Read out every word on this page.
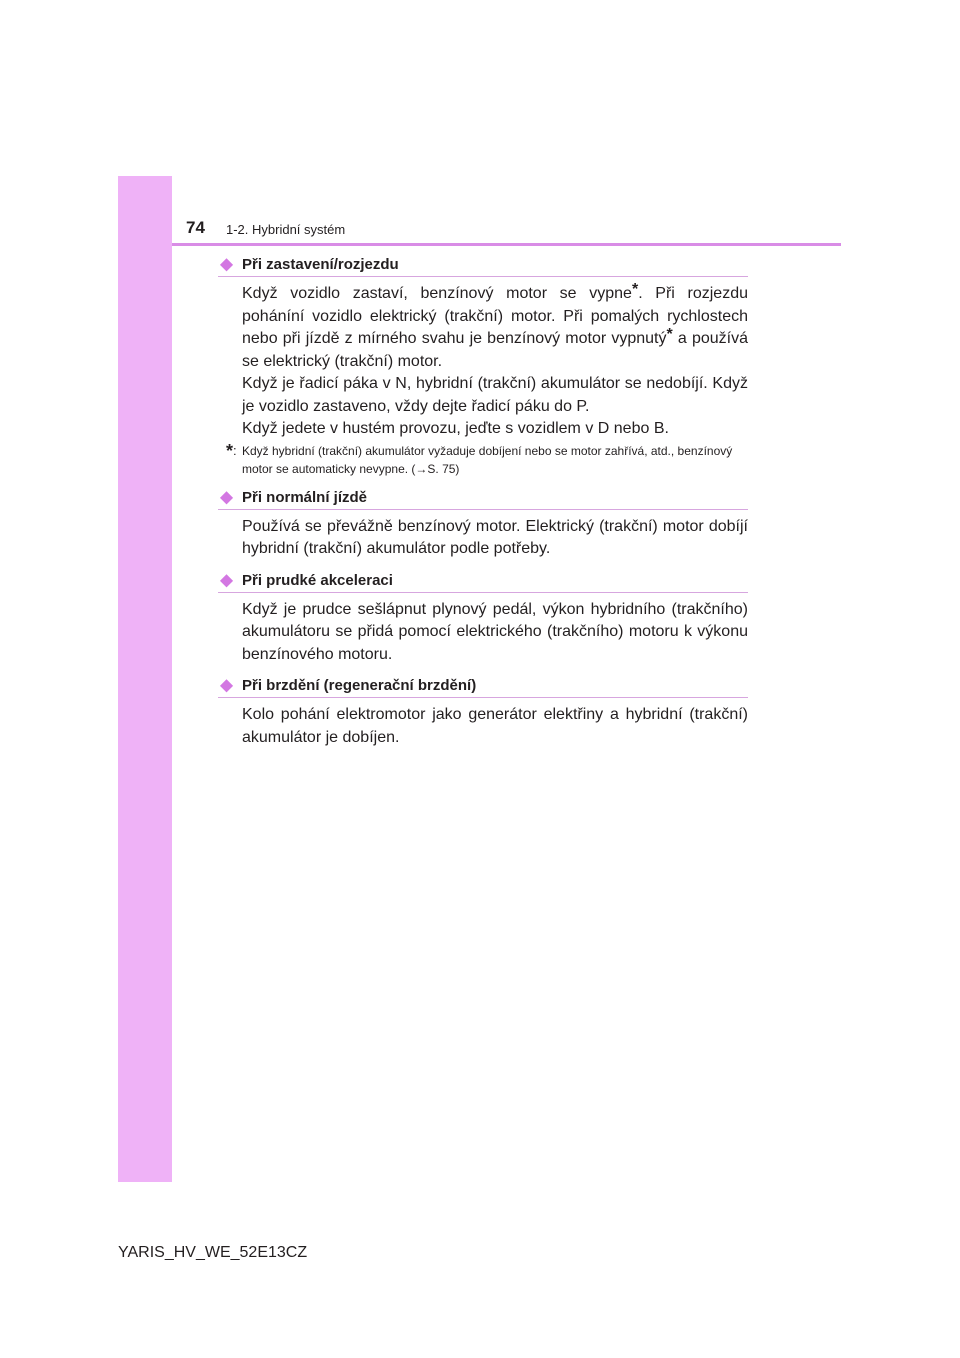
74 1-2. Hybridní systém
◆ Při zastavení/rozjezdu

Když vozidlo zastaví, benzínový motor se vypne*. Při rozjezdu poháníní vozidlo elektrický (trakční) motor. Při pomalých rychlostech nebo při jízdě z mírného svahu je benzínový motor vypnutý* a používá se elektrický (trakční) motor.

Když je řadicí páka v N, hybridní (trakční) akumulátor se nedobíjí. Když je vozidlo zastaveno, vždy dejte řadicí páku do P.

Když jedete v hustém provozu, jeďte s vozidlem v D nebo B.

*: Když hybridní (trakční) akumulátor vyžaduje dobíjení nebo se motor zahřívá, atd., benzínový motor se automaticky nevypne. (→S. 75)
◆ Při normální jízdě

Používá se převážně benzínový motor. Elektrický (trakční) motor dobíjí hybridní (trakční) akumulátor podle potřeby.

◆ Při prudké akceleraci

Když je prudce sešlápnut plynový pedál, výkon hybridního (trakčního) akumulátoru se přidá pomocí elektrického (trakčního) motoru k výkonu benzínového motoru.

◆ Při brzdění (regenerační brzdění)

Kolo pohání elektromotor jako generátor elektřiny a hybridní (trakční) akumulátor je dobíjen.

YARIS_HV_WE_52E13CZ
